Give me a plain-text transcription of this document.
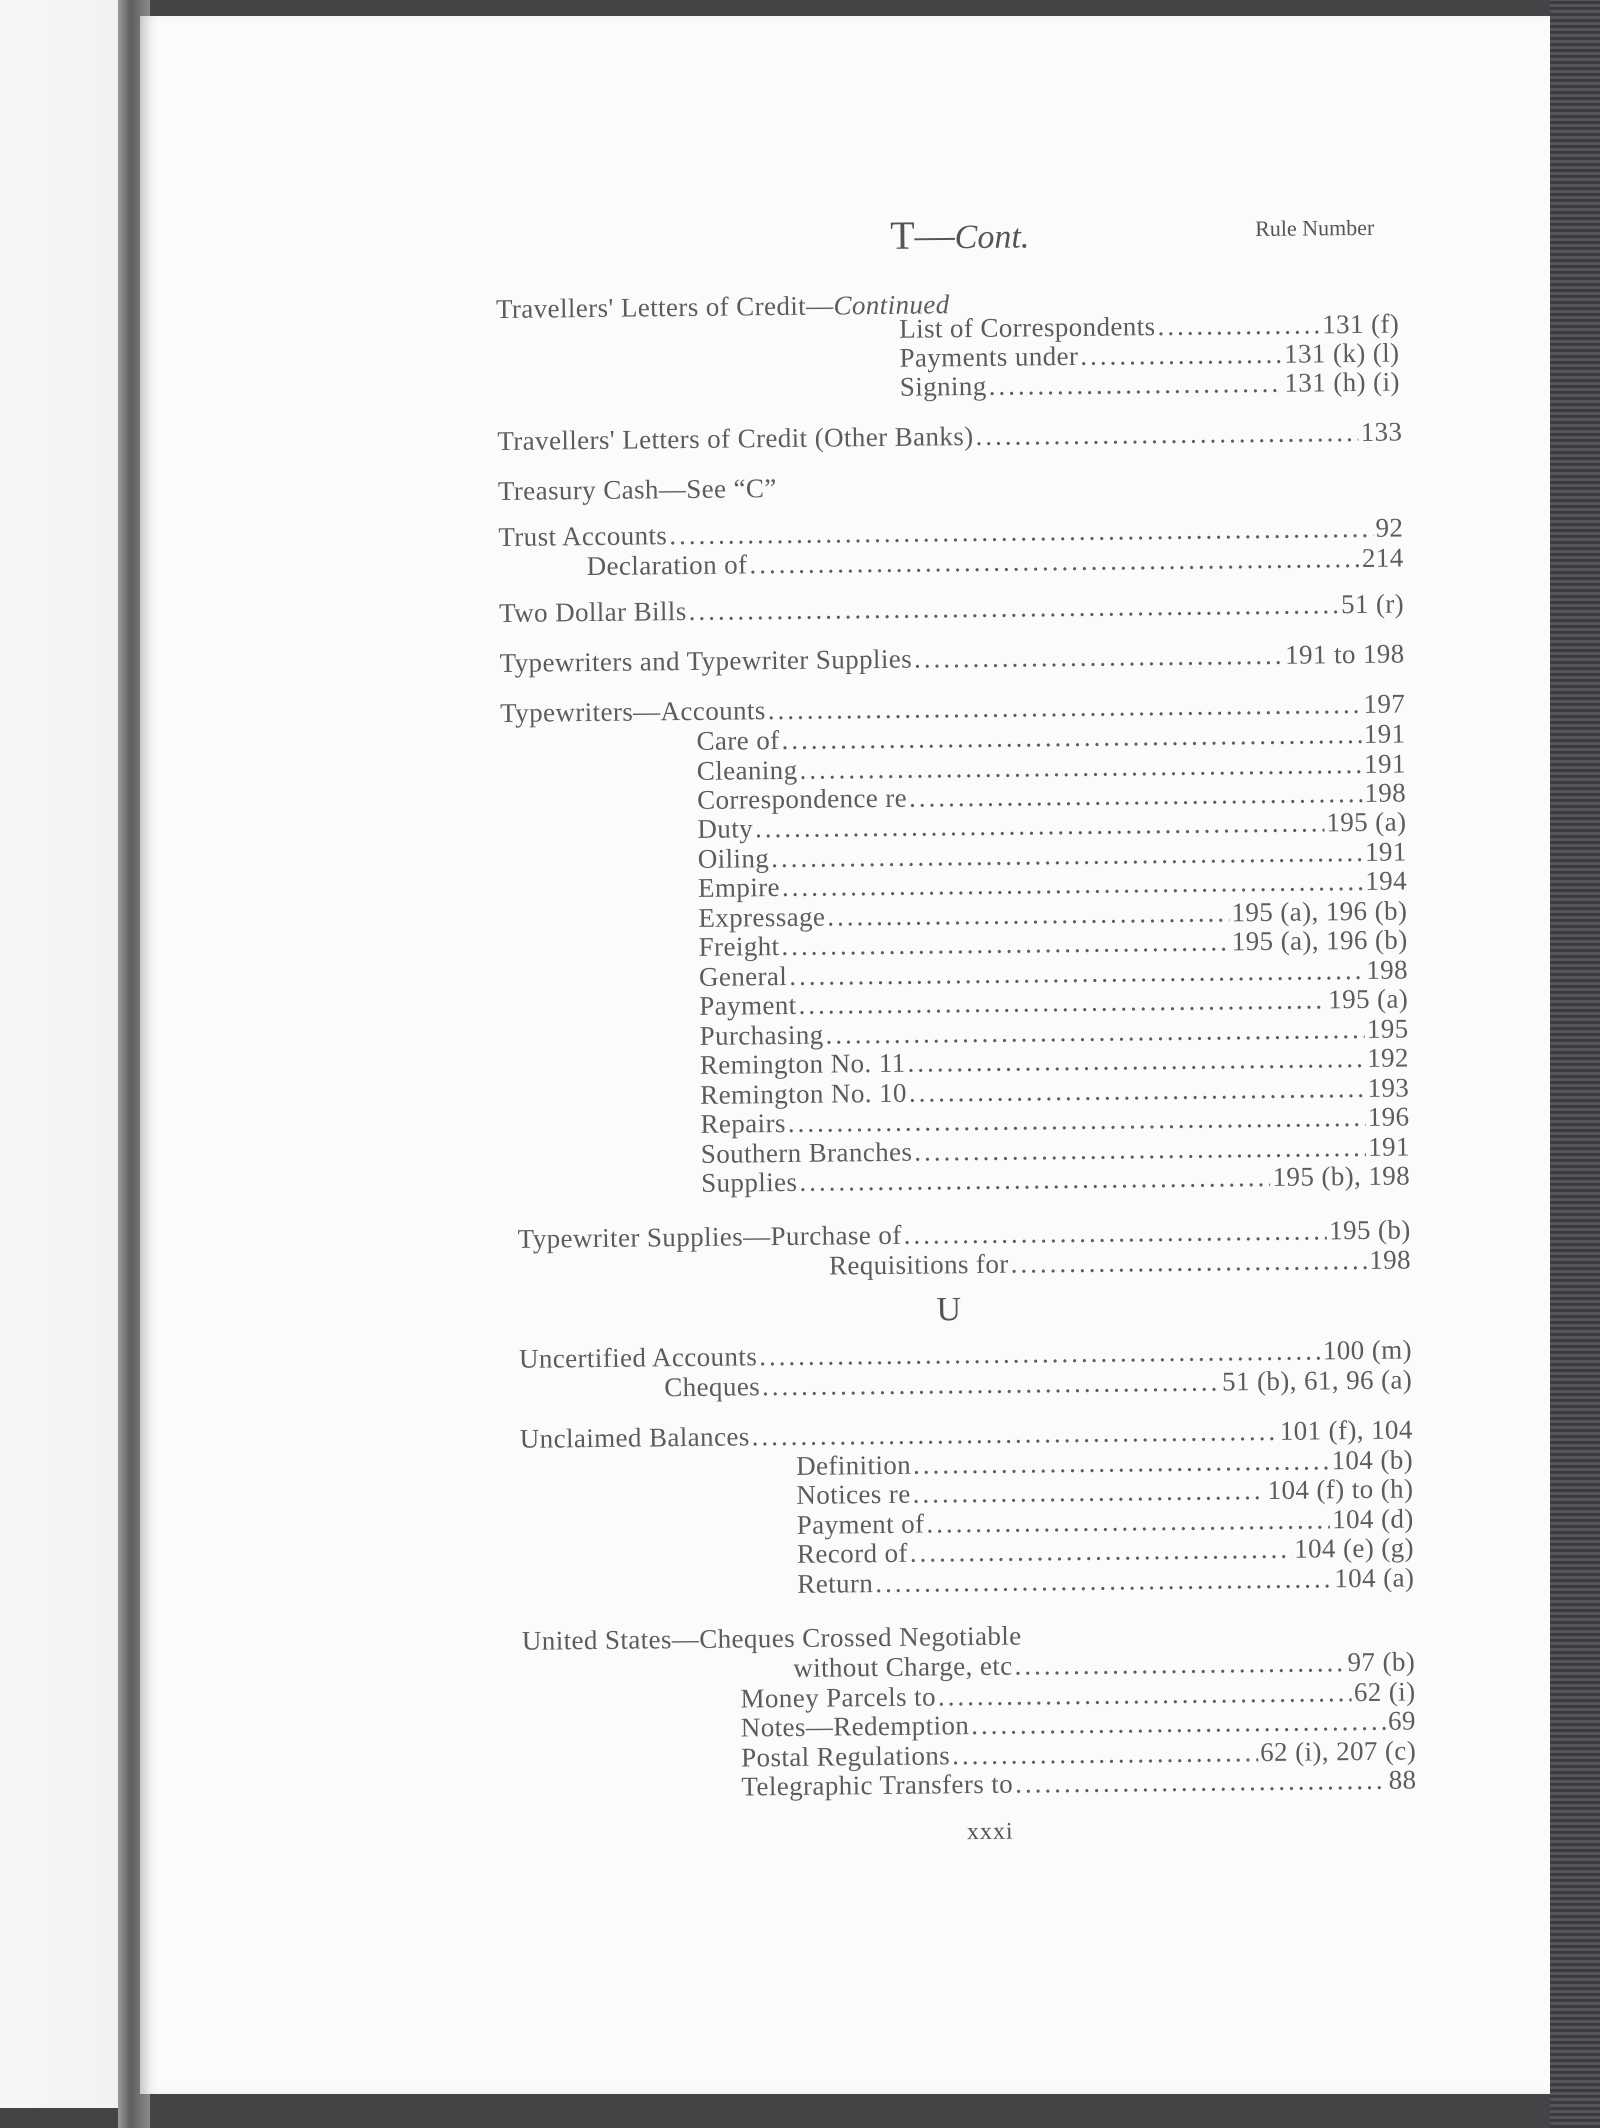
T—Cont.	Rule Number
Travellers' Letters of Credit—Continued
List of Correspondents .....	131 (f)
Payments under .....	131 (k) (l)
Signing .....	131 (h) (i)
Travellers' Letters of Credit (Other Banks) .....	133
Treasury Cash—See “C”
Trust Accounts .....	92
Declaration of .....	214
Two Dollar Bills .....	51 (r)
Typewriters and Typewriter Supplies .....	191 to 198
Typewriters—Accounts .....	197
Care of .....	191
Cleaning .....	191
Correspondence re .....	198
Duty .....	195 (a)
Oiling .....	191
Empire .....	194
Expressage .....	195 (a), 196 (b)
Freight .....	195 (a), 196 (b)
General .....	198
Payment .....	195 (a)
Purchasing .....	195
Remington No. 11 .....	192
Remington No. 10 .....	193
Repairs .....	196
Southern Branches .....	191
Supplies .....	195 (b), 198
Typewriter Supplies—Purchase of .....	195 (b)
Requisitions for .....	198
U
Uncertified Accounts .....	100 (m)
Cheques .....	51 (b), 61, 96 (a)
Unclaimed Balances .....	101 (f), 104
Definition .....	104 (b)
Notices re .....	104 (f) to (h)
Payment of .....	104 (d)
Record of .....	104 (e) (g)
Return .....	104 (a)
United States—Cheques Crossed Negotiable
without Charge, etc .....	97 (b)
Money Parcels to .....	62 (i)
Notes—Redemption .....	69
Postal Regulations .....	62 (i), 207 (c)
Telegraphic Transfers to .....	88
xxxi
